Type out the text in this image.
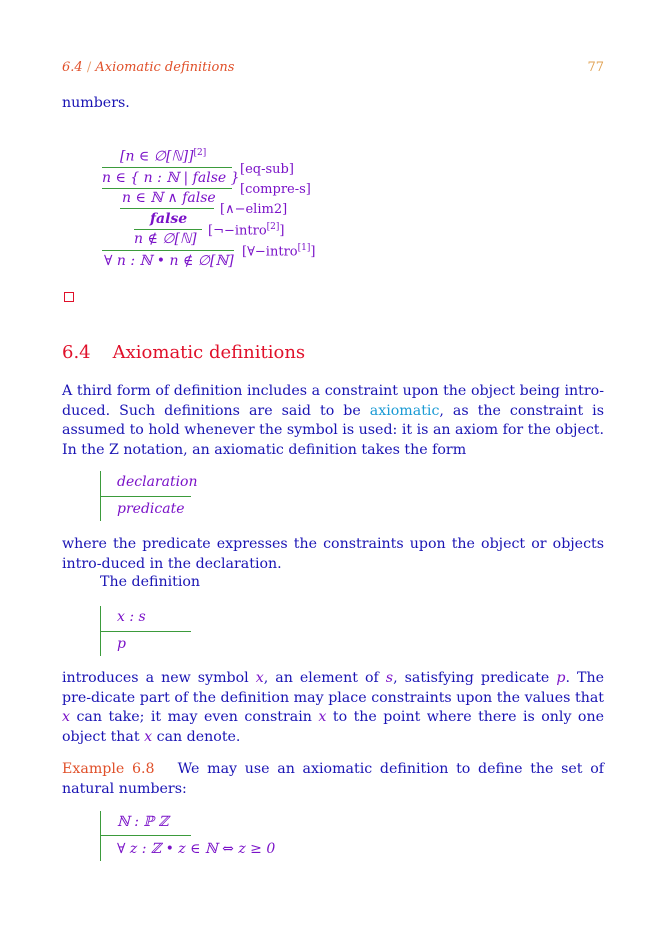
6.4 / Axiomatic definitions	77
numbers.
[n ∈ ∅[ℕ]][2]
[eq-sub]
n ∈ { n : ℕ | false }
[compre-s]
n ∈ ℕ ∧ false
[∧−elim2]
false
[¬−intro[2]]
n ∉ ∅[ℕ]
[∀−intro[1]]
∀ n : ℕ • n ∉ ∅[ℕ]
6.4 Axiomatic definitions
A third form of definition includes a constraint upon the object being intro-duced. Such definitions are said to be axiomatic, as the constraint is assumed to hold whenever the symbol is used: it is an axiom for the object. In the Z notation, an axiomatic definition takes the form
declaration
predicate
where the predicate expresses the constraints upon the object or objects intro-duced in the declaration.
The definition
x : s
p
introduces a new symbol x, an element of s, satisfying predicate p. The pre-dicate part of the definition may place constraints upon the values that x can take; it may even constrain x to the point where there is only one object that x can denote.
Example 6.8 We may use an axiomatic definition to define the set of natural numbers:
ℕ : ℙ ℤ
∀ z : ℤ • z ∈ ℕ ⇔ z ≥ 0
